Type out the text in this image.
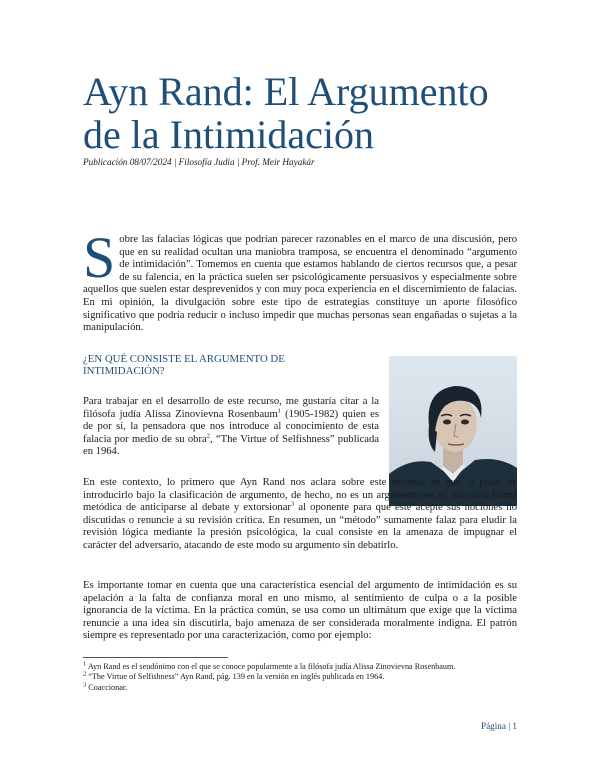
Ayn Rand: El Argumento
de la Intimidación
Publicación 08/07/2024 | Filosofía Judía | Prof. Meir Hayakár

Sobre las falacias lógicas que podrían parecer razonables en el marco de una discusión, pero que en su realidad ocultan una maniobra tramposa, se encuentra el denominado “argumento de intimidación”. Tomemos en cuenta que estamos hablando de ciertos recursos que, a pesar de su falencia, en la práctica suelen ser psicológicamente persuasivos y especialmente sobre aquellos que suelen estar desprevenidos y con muy poca experiencia en el discernimiento de falacias. En mi opinión, la divulgación sobre este tipo de estrategias constituye un aporte filosófico significativo que podría reducir o incluso impedir que muchas personas sean engañadas o sujetas a la manipulación.

¿EN QUÉ CONSISTE EL ARGUMENTO DE INTIMIDACIÓN?

Para trabajar en el desarrollo de este recurso, me gustaría citar a la filósofa judía Alissa Zinovievna Rosenbaum$^1$ (1905-1982) quien es de por sí, la pensadora que nos introduce al conocimiento de esta falacia por medio de su obra$^2$, “The Virtue of Selfishness” publicada en 1964.

En este contexto, lo primero que Ayn Rand nos aclara sobre este recurso, es que, a pesar de introducirlo bajo la clasificación de argumento, de hecho, no es un argumento en sí, sino una forma metódica de anticiparse al debate y extorsionar$^3$ al oponente para que éste acepte sus nociones no discutidas o renuncie a su revisión crítica. En resumen, un “método” sumamente falaz para eludir la revisión lógica mediante la presión psicológica, la cual consiste en la amenaza de impugnar el carácter del adversario, atacando de este modo su argumento sin debatirlo.

Es importante tomar en cuenta que una característica esencial del argumento de intimidación es su apelación a la falta de confianza moral en uno mismo, al sentimiento de culpa o a la posible ignorancia de la víctima. En la práctica común, se usa como un ultimátum que exige que la víctima renuncie a una idea sin discutirla, bajo amenaza de ser considerada moralmente indigna. El patrón siempre es representado por una caracterización, como por ejemplo:

$^1$ Ayn Rand es el seudónimo con el que se conoce popularmente a la filósofa judía Alissa Zinovievna Rosenbaum.

$^2$ “The Virtue of Selfishness” Ayn Rand, pág. 139 en la versión en inglés publicada en 1964.

$^3$ Coaccionar.

Página | 1
